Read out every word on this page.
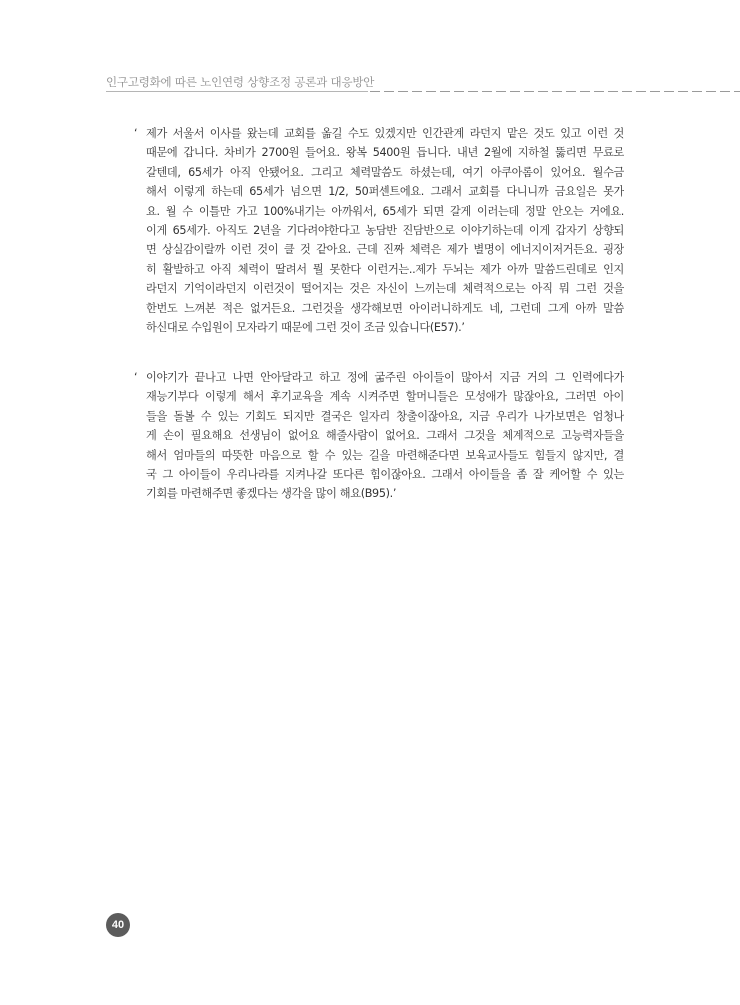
인구고령화에 따른 노인연령 상향조정 공론과 대응방안
‘ 제가 서울서 이사를 왔는데 교회를 옮길 수도 있겠지만 인간관계 라던지 맡은 것도 있고 이런 것
때문에 갑니다. 차비가 2700원 들어요. 왕복 5400원 듭니다. 내년 2월에 지하철 뚫리면 무료로
갈텐데, 65세가 아직 안됐어요. 그리고 체력말씀도 하셨는데, 여기 아쿠아롬이 있어요. 월수금
해서 이렇게 하는데 65세가 넘으면 1/2, 50퍼센트에요. 그래서 교회를 다니니까 금요일은 못가
요. 월 수 이틀만 가고 100%내기는 아까워서, 65세가 되면 갈게 이러는데 정말 안오는 거에요.
이게 65세가. 아직도 2년을 기다려야한다고 농담반 진담반으로 이야기하는데 이게 갑자기 상향되
면 상실감이랄까 이런 것이 클 것 같아요. 근데 진짜 체력은 제가 별명이 에너지이저거든요. 굉장
히 활발하고 아직 체력이 딸려서 뭘 못한다 이런거는..제가 두뇌는 제가 아까 말씀드린데로 인지
라던지 기억이라던지 이런것이 떨어지는 것은 자신이 느끼는데 체력적으로는 아직 뭐 그런 것을
한번도 느껴본 적은 없거든요. 그런것을 생각해보면 아이러니하게도 네, 그런데 그게 아까 말씀
하신대로 수입원이 모자라기 때문에 그런 것이 조금 있습니다(E57).’
‘ 이야기가 끝나고 나면 안아달라고 하고 정에 굶주린 아이들이 많아서 지금 거의 그 인력에다가
재능기부다 이렇게 해서 후기교육을 계속 시켜주면 할머니들은 모성애가 많잖아요, 그러면 아이
들을 돌볼 수 있는 기회도 되지만 결국은 일자리 창출이잖아요, 지금 우리가 나가보면은 엄청나
게 손이 필요해요 선생님이 없어요 해줄사람이 없어요. 그래서 그것을 체계적으로 고능력자들을
해서 엄마들의 따뜻한 마음으로 할 수 있는 길을 마련해준다면 보육교사들도 힘들지 않지만, 결
국 그 아이들이 우리나라를 지켜나갈 또다른 힘이잖아요. 그래서 아이들을 좀 잘 케어할 수 있는
기회를 마련해주면 좋겠다는 생각을 많이 해요(B95).’
40
